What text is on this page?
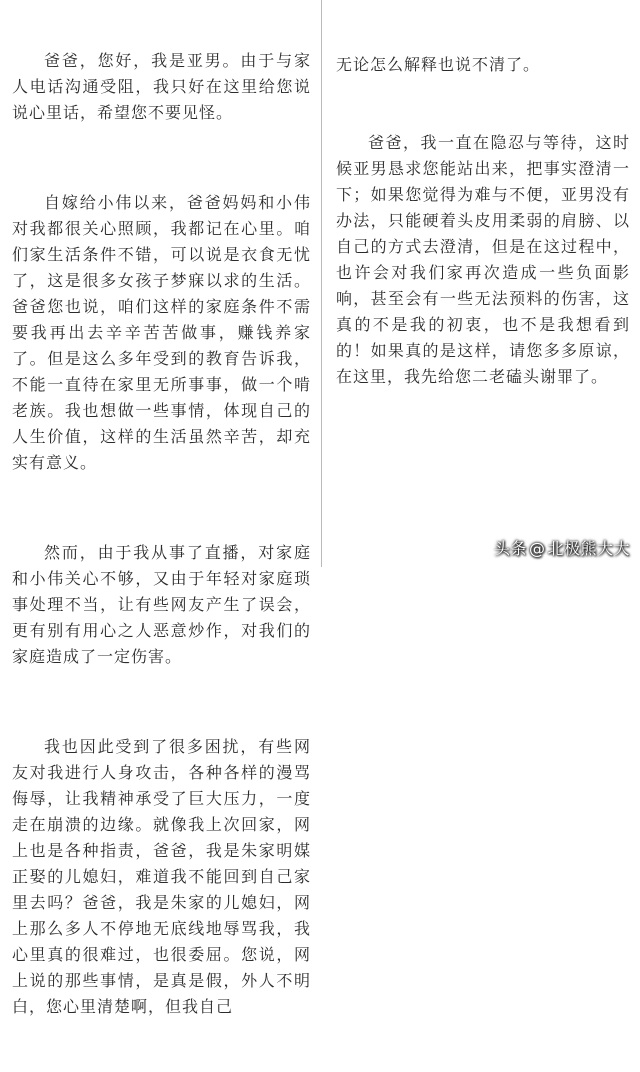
爸爸，您好，我是亚男。由于与家人电话沟通受阻，我只好在这里给您说说心里话，希望您不要见怪。

自嫁给小伟以来，爸爸妈妈和小伟对我都很关心照顾，我都记在心里。咱们家生活条件不错，可以说是衣食无忧了，这是很多女孩子梦寐以求的生活。爸爸您也说，咱们这样的家庭条件不需要我再出去辛辛苦苦做事，赚钱养家了。但是这么多年受到的教育告诉我，不能一直待在家里无所事事，做一个啃老族。我也想做一些事情，体现自己的人生价值，这样的生活虽然辛苦，却充实有意义。

然而，由于我从事了直播，对家庭和小伟关心不够，又由于年轻对家庭琐事处理不当，让有些网友产生了误会，更有别有用心之人恶意炒作，对我们的家庭造成了一定伤害。

我也因此受到了很多困扰，有些网友对我进行人身攻击，各种各样的漫骂侮辱，让我精神承受了巨大压力，一度走在崩溃的边缘。就像我上次回家，网上也是各种指责，爸爸，我是朱家明媒正娶的儿媳妇，难道我不能回到自己家里去吗？爸爸，我是朱家的儿媳妇，网上那么多人不停地无底线地辱骂我，我心里真的很难过，也很委屈。您说，网上说的那些事情，是真是假，外人不明白，您心里清楚啊，但我自己

无论怎么解释也说不清了。

爸爸，我一直在隐忍与等待，这时候亚男恳求您能站出来，把事实澄清一下；如果您觉得为难与不便，亚男没有办法，只能硬着头皮用柔弱的肩膀、以自己的方式去澄清，但是在这过程中，也许会对我们家再次造成一些负面影响，甚至会有一些无法预料的伤害，这真的不是我的初衷，也不是我想看到的！如果真的是这样，请您多多原谅，在这里，我先给您二老磕头谢罪了。

头条 @ 北极熊大大
